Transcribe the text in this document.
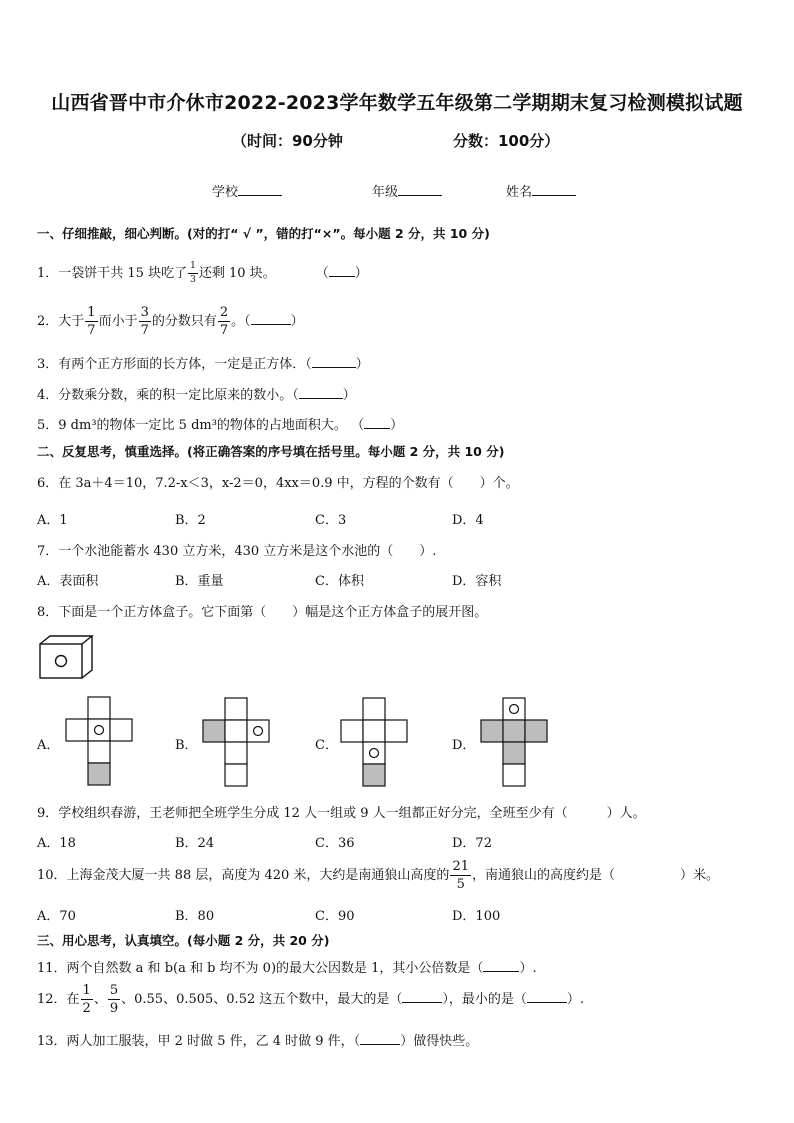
山西省晋中市介休市2022-2023学年数学五年级第二学期期末复习检测模拟试题
（时间：90分钟	分数：100分）
学校	年级	姓名
一、仔细推敲，细心判断。(对的打“ √ ”，错的打“×”。每小题 2 分，共 10 分)
1．一袋饼干共 15 块吃了 $\frac{1}{3}$ 还剩 10 块。	（ ）
2．大于 $\frac{1}{7}$ 而小于 $\frac{3}{7}$ 的分数只有 $\frac{2}{7}$ 。（	）
3．有两个正方形面的长方体，一定是正方体．（	）
4．分数乘分数，乘的积一定比原来的数小。（	）
5．9 dm³的物体一定比 5 dm³的物体的占地面积大。 （ ）
二、反复思考，慎重选择。(将正确答案的序号填在括号里。每小题 2 分，共 10 分)
6．在 3a＋4＝10，7.2-x＜3，x-2＝0，4xx＝0.9 中，方程的个数有（　　）个。
A．1	B．2	C．3	D．4
7．一个水池能蓄水 430 立方米，430 立方米是这个水池的（　　）.
A．表面积	B．重量	C．体积	D．容积
8．下面是一个正方体盒子。它下面第（　　）幅是这个正方体盒子的展开图。
A．	B．	C．	D．
9．学校组织春游，王老师把全班学生分成 12 人一组或 9 人一组都正好分完，全班至少有（　　　）人。
A．18	B．24	C．36	D．72
10．上海金茂大厦一共 88 层，高度为 420 米，大约是南通狼山高度的 $\frac{21}{5}$ ，南通狼山的高度约是（　　　　　）米。
A．70	B．80	C．90	D．100
三、用心思考，认真填空。(每小题 2 分，共 20 分)
11．两个自然数 a 和 b(a 和 b 均不为 0)的最大公因数是 1，其小公倍数是（	）.
12．在 $\frac{1}{2}$ 、 $\frac{5}{9}$ 、0.55、0.505、0.52 这五个数中，最大的是（	），最小的是（	）.
13．两人加工服装，甲 2 时做 5 件，乙 4 时做 9 件，（	）做得快些。
